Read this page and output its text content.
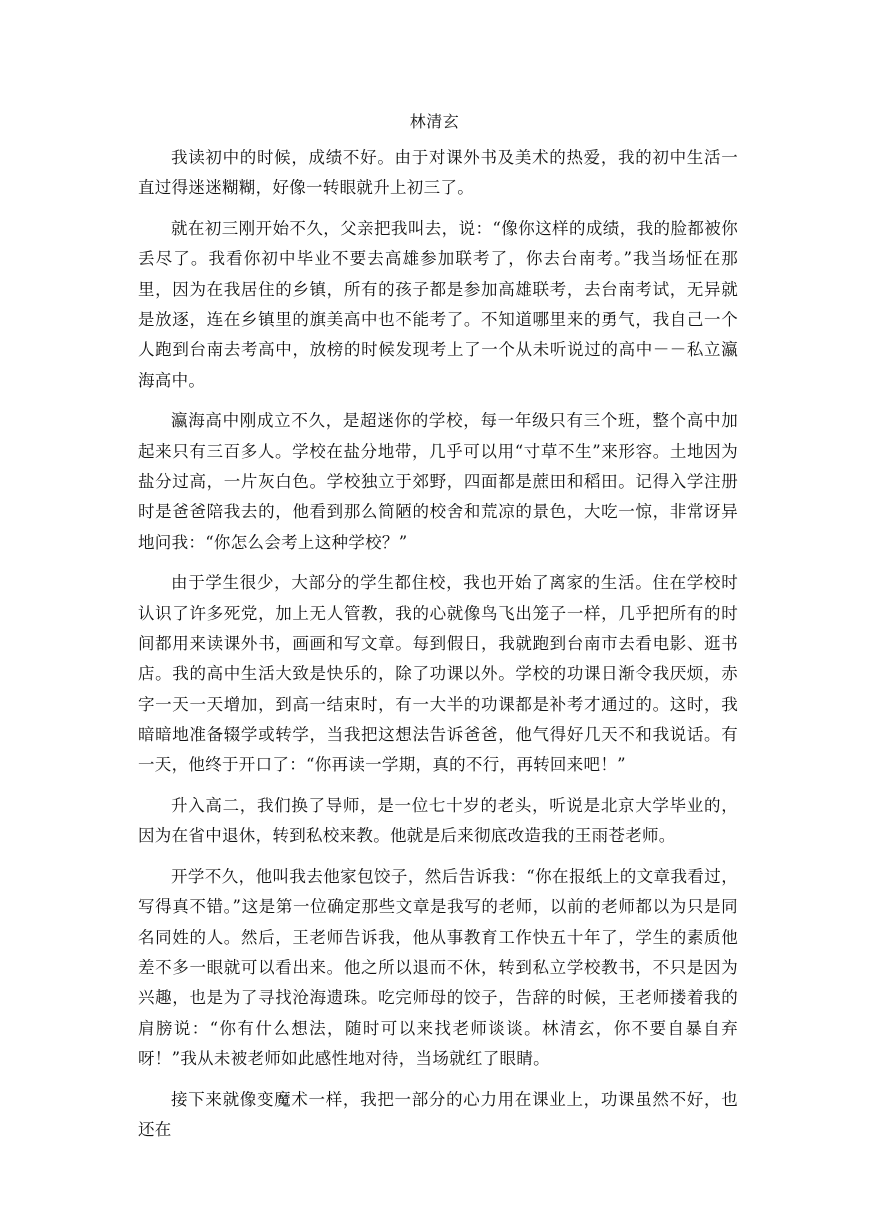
林清玄

我读初中的时候，成绩不好。由于对课外书及美术的热爱，我的初中生活一直过得迷迷糊糊，好像一转眼就升上初三了。

就在初三刚开始不久，父亲把我叫去，说：“像你这样的成绩，我的脸都被你丢尽了。我看你初中毕业不要去高雄参加联考了，你去台南考。”我当场怔在那里，因为在我居住的乡镇，所有的孩子都是参加高雄联考，去台南考试，无异就是放逐，连在乡镇里的旗美高中也不能考了。不知道哪里来的勇气，我自己一个人跑到台南去考高中，放榜的时候发现考上了一个从未听说过的高中－－私立瀛海高中。

瀛海高中刚成立不久，是超迷你的学校，每一年级只有三个班，整个高中加起来只有三百多人。学校在盐分地带，几乎可以用“寸草不生”来形容。土地因为盐分过高，一片灰白色。学校独立于郊野，四面都是蔗田和稻田。记得入学注册时是爸爸陪我去的，他看到那么简陋的校舍和荒凉的景色，大吃一惊，非常讶异地问我：“你怎么会考上这种学校？”

由于学生很少，大部分的学生都住校，我也开始了离家的生活。住在学校时认识了许多死党，加上无人管教，我的心就像鸟飞出笼子一样，几乎把所有的时间都用来读课外书，画画和写文章。每到假日，我就跑到台南市去看电影、逛书店。我的高中生活大致是快乐的，除了功课以外。学校的功课日渐令我厌烦，赤字一天一天增加，到高一结束时，有一大半的功课都是补考才通过的。这时，我暗暗地准备辍学或转学，当我把这想法告诉爸爸，他气得好几天不和我说话。有一天，他终于开口了：“你再读一学期，真的不行，再转回来吧！”

升入高二，我们换了导师，是一位七十岁的老头，听说是北京大学毕业的，因为在省中退休，转到私校来教。他就是后来彻底改造我的王雨苍老师。

开学不久，他叫我去他家包饺子，然后告诉我：“你在报纸上的文章我看过，写得真不错。”这是第一位确定那些文章是我写的老师，以前的老师都以为只是同名同姓的人。然后，王老师告诉我，他从事教育工作快五十年了，学生的素质他差不多一眼就可以看出来。他之所以退而不休，转到私立学校教书，不只是因为兴趣，也是为了寻找沧海遗珠。吃完师母的饺子，告辞的时候，王老师搂着我的肩膀说：“你有什么想法，随时可以来找老师谈谈。林清玄，你不要自暴自弃呀！”我从未被老师如此感性地对待，当场就红了眼睛。

接下来就像变魔术一样，我把一部分的心力用在课业上，功课虽然不好，也还在
